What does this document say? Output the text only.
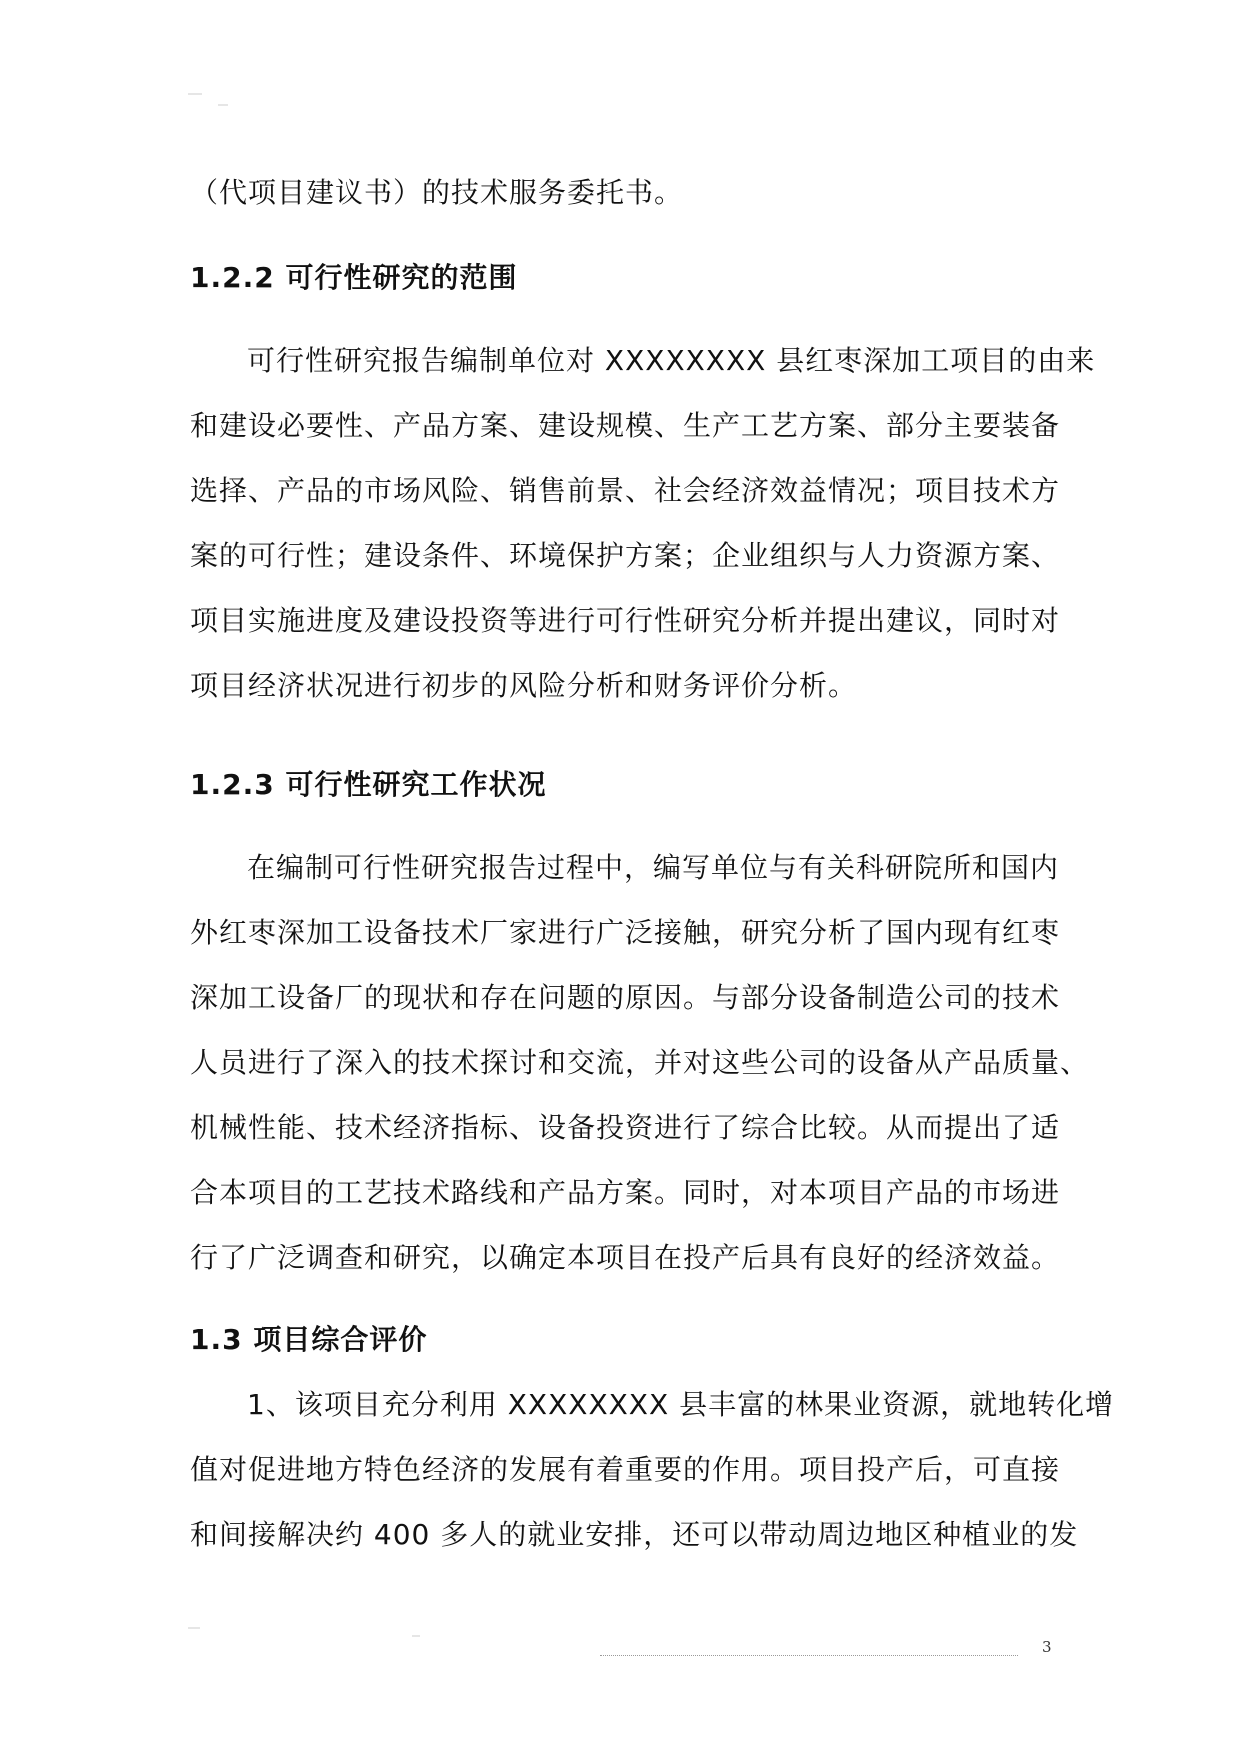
（代项目建议书）的技术服务委托书。
1.2.2 可行性研究的范围
可行性研究报告编制单位对 XXXXXXXX 县红枣深加工项目的由来
和建设必要性、产品方案、建设规模、生产工艺方案、部分主要装备
选择、产品的市场风险、销售前景、社会经济效益情况；项目技术方
案的可行性；建设条件、环境保护方案；企业组织与人力资源方案、
项目实施进度及建设投资等进行可行性研究分析并提出建议，同时对
项目经济状况进行初步的风险分析和财务评价分析。
1.2.3 可行性研究工作状况
在编制可行性研究报告过程中，编写单位与有关科研院所和国内
外红枣深加工设备技术厂家进行广泛接触，研究分析了国内现有红枣
深加工设备厂的现状和存在问题的原因。与部分设备制造公司的技术
人员进行了深入的技术探讨和交流，并对这些公司的设备从产品质量、
机械性能、技术经济指标、设备投资进行了综合比较。从而提出了适
合本项目的工艺技术路线和产品方案。同时，对本项目产品的市场进
行了广泛调查和研究，以确定本项目在投产后具有良好的经济效益。
1.3 项目综合评价
1、该项目充分利用 XXXXXXXX 县丰富的林果业资源，就地转化增
值对促进地方特色经济的发展有着重要的作用。项目投产后，可直接
和间接解决约 400 多人的就业安排，还可以带动周边地区种植业的发
3
